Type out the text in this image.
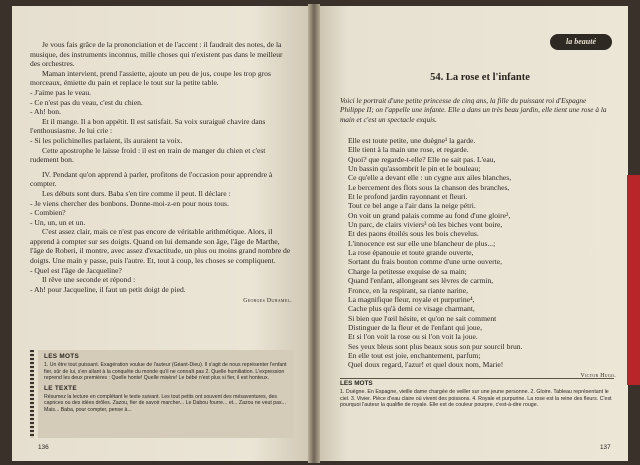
Je vous fais grâce de la prononciation et de l'accent : il faudrait des notes, de la musique, des instruments inconnus, mille choses qui n'existent pas dans le meilleur des orchestres.

Maman intervient, prend l'assiette, ajoute un peu de jus, coupe les trop gros morceaux, émiette du pain et replace le tout sur la petite table.

- J'aime pas le veau.

- Ce n'est pas du veau, c'est du chien.

- Ah! bon.

Et il mange. Il a bon appétit. Il est satisfait. Sa voix suraiguë chavire dans l'enthousiasme. Je lui crie :

- Si les polichinelles parlaient, ils auraient ta voix.

Cette apostrophe le laisse froid : il est en train de manger du chien et c'est rudement bon.

IV. Pendant qu'on apprend à parler, profitons de l'occasion pour apprendre à compter.

Les débuts sont durs. Baba s'en tire comme il peut. Il déclare :

- Je viens chercher des bonbons. Donne-moi-z-en pour nous tous.

- Combien?

- Un, un, un et un.

C'est assez clair, mais ce n'est pas encore de véritable arithmétique. Alors, il apprend à compter sur ses doigts. Quand on lui demande son âge, l'âge de Marthe, l'âge de Roberi, il montre, avec assez d'exactitude, un plus ou moins grand nombre de doigts. Une main y passe, puis l'autre. Et, tout à coup, les choses se compliquent.

- Quel est l'âge de Jacqueline?

Il rêve une seconde et répond :

- Ah! pour Jacqueline, il faut un petit doigt de pied.

Georges Duhamel.
LES MOTS
1. Un être tout puissant. Exagération voulue de l'auteur (Géant-Dieu). Il s'agit de nous représenter l'enfant fier, sûr de lui, s'en allant à la conquête du monde qu'il ne connaît pas 2. Quelle humiliation. L'expression reprend les deux premières : Quelle honte! Quelle misère! Le bébé n'est plus si fier, il est honteux.
LE TEXTE
Résumez la lecture en complétant le texte suivant. Les tout petits ont souvent des mésaventures, des caprices ou des idées drôles. Zazou, fier de savoir marcher... Le Dabou fourre... et... Zazou ne veut pas... Mais... Baba, pour compter, pense à...
136
la beauté
54. La rose et l'infante
Voici le portrait d'une petite princesse de cinq ans, la fille du puissant roi d'Espagne Philippe II; on l'appelle une infante. Elle a dans un très beau jardin, elle tient une rose à la main et c'est un spectacle exquis.

Elle est toute petite, une duègne¹ la garde.

Elle tient à la main une rose, et regarde.

Quoi? que regarde-t-elle? Elle ne sait pas. L'eau,

Un bassin qu'assombrit le pin et le bouleau;

Ce qu'elle a devant elle : un cygne aux ailes blanches,

Le bercement des flots sous la chanson des branches,

Et le profond jardin rayonnant et fleuri.

Tout ce bel ange a l'air dans la neige pétri.

On voit un grand palais comme au fond d'une gloire²,

Un parc, de clairs viviers³ où les biches vont boire,

Et des paons étoilés sous les bois chevelus.

L'innocence est sur elle une blancheur de plus...;

La rose épanouie et toute grande ouverte,

Sortant du frais bouton comme d'une urne ouverte,

Charge la petitesse exquise de sa main;

Quand l'enfant, allongeant ses lèvres de carmin,

Fronce, en la respirant, sa riante narine,

La magnifique fleur, royale et purpurine⁴,

Cache plus qu'à demi ce visage charmant,

Si bien que l'œil hésite, et qu'on ne sait comment

Distinguer de la fleur et de l'enfant qui joue,

Et si l'on voit la rose ou si l'on voit la joue.

Ses yeux bleus sont plus beaux sous son pur sourcil brun.

En elle tout est joie, enchantement, parfum;

Quel doux regard, l'azur! et quel doux nom, Marie!

Victor Hugo.
LES MOTS
1. Duègne. En Espagne, vieille dame chargée de veiller sur une jeune personne. 2. Gloire. Tableau représentant le ciel. 3. Vivier. Pièce d'eau claire où vivent des poissons. 4. Royale et purpurine. La rose est la reine des fleurs. C'est pourquoi l'auteur la qualifie de royale. Elle est de couleur pourpre, c'est-à-dire rouge.
137
